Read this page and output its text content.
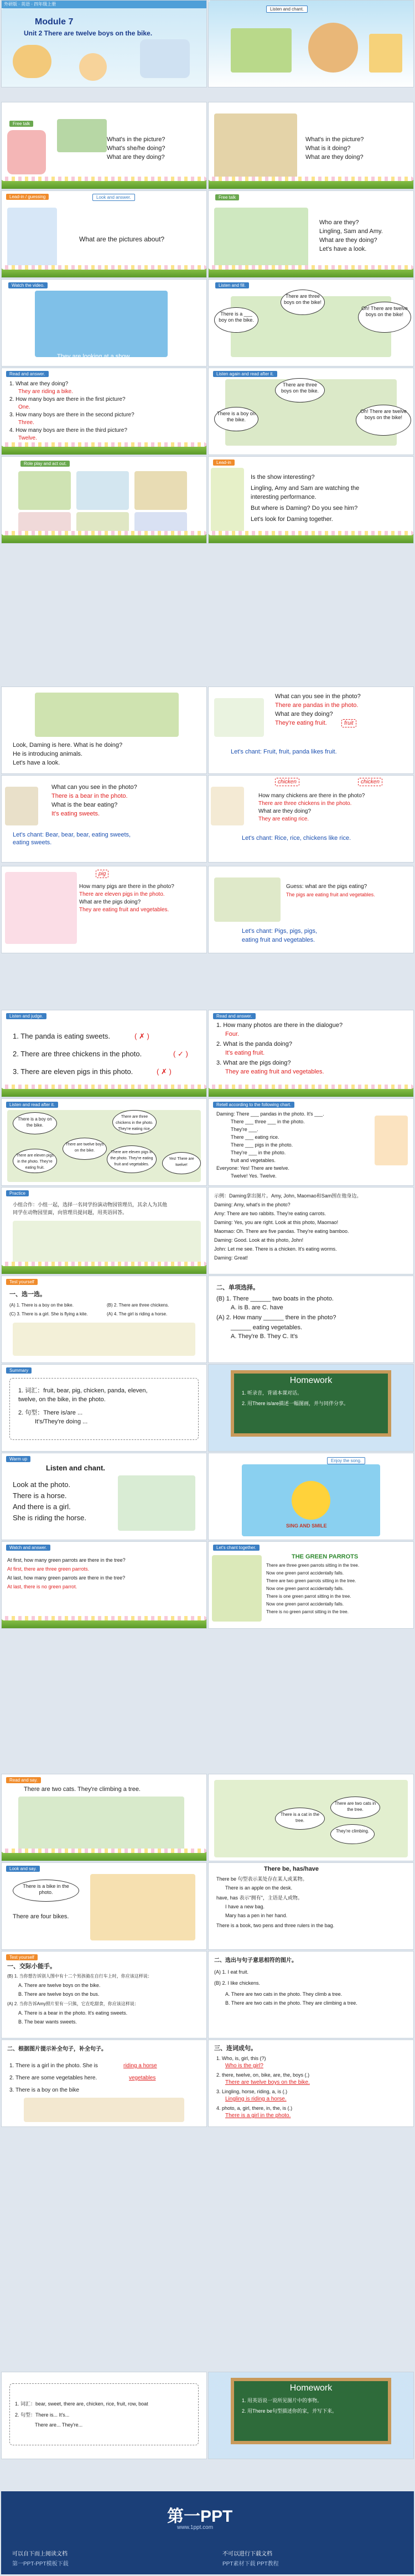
外研版 · 英语 · 四年级上册
Module 7
Unit 2 There are twelve boys on the bike.
Listen and chant.
Free talk
What's in the picture?
What's she/he doing?
What are they doing?
What's in the picture?
What is it doing?
What are they doing?
Lead-in / guessing	Look and answer.
What are the pictures about?
Free talk
Who are they?
Lingling, Sam and Amy.
What are they doing?
Let's have a look.
Watch the video.
They are looking at a show.
Listen and fill.
There are three boys on the bike!
There is a ___ boy on the bike.
Oh! There are twelve boys on the bike!
Read and answer.
1. What are they doing?
They are riding a bike.
2. How many boys are there in the first picture?
One.
3. How many boys are there in the second picture?
Three.
4. How many boys are there in the third picture?
Twelve.
Listen again and read after it.
There are three boys on the bike.
There is a boy on the bike.
Oh! There are twelve boys on the bike!
Role play and act out.	Lead-in
Is the show interesting?
Lingling, Amy and Sam are watching the
interesting performance.
But where is Daming? Do you see him?
Let's look for Daming together.
Look, Daming is here. What is he doing?
He is introducing animals.
Let's have a look.
What can you see in the photo?
There are pandas in the photo.
What are they doing?
They're eating fruit.	fruit
Let's chant: Fruit, fruit, panda likes fruit.
What can you see in the photo?
There is a bear in the photo.
What is the bear eating?
It's eating sweets.
Let's chant: Bear, bear, bear, eating sweets, eating sweets.
chicken	chicken
How many chickens are there in the photo?
There are three chickens in the photo.
What are they doing?
They are eating rice.
Let's chant: Rice, rice, chickens like rice.
pig
How many pigs are there in the photo?
There are eleven pigs in the photo.
What are the pigs doing?
They are eating fruit and vegetables.
Guess: what are the pigs eating?
The pigs are eating fruit and vegetables.
Let's chant: Pigs, pigs, pigs,
eating fruit and vegetables.
Listen and judge.
1. The panda is eating sweets.	( ✗ )
2. There are three chickens in the photo.	( ✓ )
3. There are eleven pigs in this photo.	( ✗ )
Read and answer.
1. How many photos are there in the dialogue?
Four.
2. What is the panda doing?
It's eating fruit.
3. What are the pigs doing?
They are eating fruit and vegetables.
Listen and read after it.
There is a boy on the bike.
There are three chickens in the photo. They're eating rice.
There are eleven pigs in the photo. They're eating fruit.
There are twelve boys on the bike.	There are eleven pigs in the photo. They're eating fruit and vegetables.
Yes! There are twelve!
Retell according to the following chart.
Daming: There ___ pandas in the photo. It's ___.
There ___ three ___ in the photo.
They're ___.
There ___ eating rice.
There ___ pigs in the photo.
They're ___ in the photo.
fruit and vegetables.
Everyone: Yes! There are twelve.
Twelve! Yes. Twelve.
Practice
小组合作：小组一起，选择一名同学扮演动物园管理员，其余人为其他
同学在动物园里面，向管理员提问题，用英语回答。
示例：Daming拿出图片。Amy, John, Maomao和Sam围在他身边。
Daming: Amy, what's in the photo?
Amy: There are two rabbits. They're eating carrots.
Daming: Yes, you are right. Look at this photo, Maomao!
Maomao: Oh. There are five pandas. They're eating bamboo.
Daming: Good. Look at this photo, John!
John: Let me see. There is a chicken. It's eating worms.
Daming: Great!
Test yourself
一、选一选。
(A) 1. There is a boy on the bike.	(B) 2. There are three chickens.
(C) 3. There is a girl. She is flying a kite.	(A) 4. The girl is riding a horse.
二、单项选择。
(B) 1. There ______ two boats in the photo.
A. is B. are C. have
(A) 2. How many ______ there in the photo?
______ eating vegetables.
A. They're B. They C. It's
Summary
1. 词汇：fruit, bear, pig, chicken, panda, eleven,
twelve, on the bike, in the photo.
2. 句型：There is/are ...
It's/They're doing ...
Homework
1. 听录音，背诵本课对话。
2. 用There is/are描述一幅图画，并与同伴分享。
Warm up
Listen and chant.
Look at the photo.
There is a horse.
And there is a girl.
She is riding the horse.
Enjoy the song.
SING AND SMILE
Watch and answer.
At first, how many green parrots are there in the tree?
At first, there are three green parrots.
At last, how many green parrots are there in the tree?
At last, there is no green parrot.
Let's chant together.
THE GREEN PARROTS
There are three green parrots sitting in the tree.
Now one green parrot accidentally falls.
There are two green parrots sitting in the tree.
Now one green parrot accidentally falls.
There is one green parrot sitting in the tree.
Now one green parrot accidentally falls.
There is no green parrot sitting in the tree.
Read and say.
There are two cats. They're climbing a tree.
There is a cat in the tree.
There are two cats in the tree.
They're climbing.
Look and say.
There is a bike in the photo.
There are four bikes.
There be, has/have
There be 句型表示某处存在某人或某物。
There is an apple on the desk.
have, has 表示"拥有"，主语是人或物。
I have a new bag.
Mary has a pen in her hand.
There is a book, two pens and three rulers in the bag.
Test yourself
一、交际小能手。
(B) 1. 当你想告诉别人图中有十二个男孩骑在自行车上时，你应该这样说：
A. There are twelve boys on the bike.
B. There are twelve boys on the bus.
(A) 2. 当你告诉Amy照片里有一只熊，它在吃甜食，你应该这样说：
A. There is a bear in the photo. It's eating sweets.
B. The bear wants sweets.
二、选出与句子意思相符的图片。
(A) 1. I eat fruit.
(B) 2. I like chickens.
A. There are two cats in the photo. They climb a tree.
B. There are two cats in the photo. They are climbing a tree.
二、根据图片提示补全句子，补全句子。
1. There is a girl in the photo. She is	riding a horse
2. There are some vegetables here.	vegetables
3. There is a boy on the bike
三、连词成句。
1. Who, is, girl, this (?)
Who is the girl?
2. there, twelve, on, bike, are, the, boys (.)
There are twelve boys on the bike.
3. Lingling, horse, riding, a, is (.)
Lingling is riding a horse.
4. photo, a, girl, there, in, the, is (.)
There is a girl in the photo.
1. 词汇：bear, sweet, there are, chicken, rice, fruit, row, boat
2. 句型：There is... It's...
There are... They're...
Homework
1. 用英语说一说所见图片中的事物。
2. 用There be句型描述你的家，并写下来。
第一PPT
www.1ppt.com
可以自下而上阅读文档
第一PPT-PPT模板下载
不可以进行下载文档
PPT素材下载 PPT教程
